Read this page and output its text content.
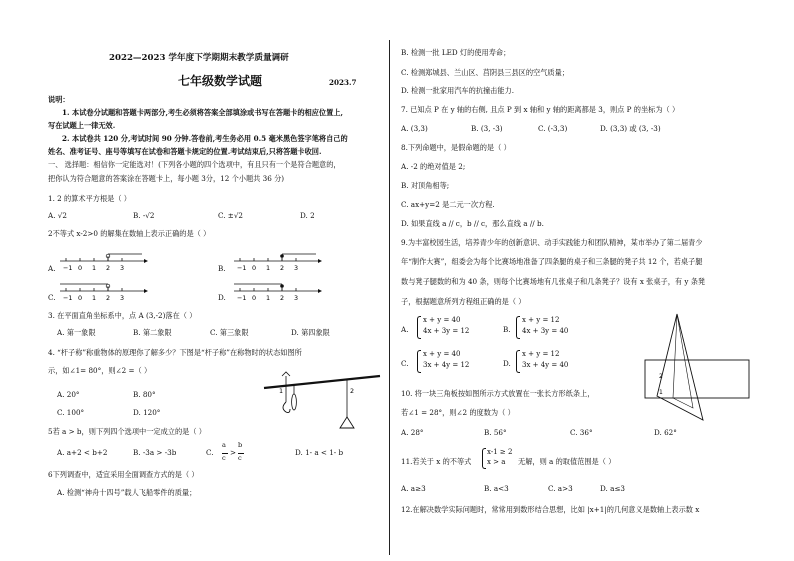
2022—2023 学年度下学期期末教学质量调研
七年级数学试题	2023.7
说明：
1. 本试卷分试题和答题卡两部分,考生必须将答案全部填涂或书写在答题卡的相应位置上,
写在试题上一律无效.
2. 本试卷共 120 分,考试时间 90 分钟.答卷前,考生务必用 0.5 毫米黑色签字笔将自己的
姓名、准考证号、座号等填写在试卷和答题卡规定的位置.考试结束后,只将答题卡收回.
一、 选择题：相信你一定能选对！(下列各小题的四个选项中，有且只有一个是符合题意的，
把你认为符合题意的答案涂在答题卡上，每小题 3分，12 个小题共 36 分)
1. 2 的算术平方根是（ ）
A. √2	B. -√2	C. ±√2	D. 2
2不等式 x-2>0 的解集在数轴上表示正确的是（ ）
A.	B.
C.	D.
−1 0 1 2 3	−1 0 1 2 3
−1 0 1 2 3	−1 0 1 2 3
3. 在平面直角坐标系中，点 A (3,-2)落在（ ）
A. 第一象限	B. 第二象限	C. 第三象限	D. 第四象限
4. “杆子称”称重物体的原理你了解多少？下图是“杆子称”在称物时的状态如图所
示，如∠1= 80°，则∠2 =（ ）
A. 20°	B. 80°
C. 100°	D. 120°
1	2
5若 a > b，则下列四个选项中一定成立的是（ ）
A. a+2 < b+2	B. -3a > -3b	C.
a
c
>
b
c
D. 1- a < 1- b
6下列调查中，适宜采用全面调查方式的是（ ）
A. 检测“神舟十四号”载人飞船零件的质量；
B. 检测一批 LED 灯的使用寿命；
C. 检测郑城县、兰山区、莒阴县三县区的空气质量；
D. 检测一批家用汽车的抗撞击能力.
7. 已知点 P 在 y 轴的右侧, 且点 P 到 x 轴和 y 轴的距离都是 3，则点 P 的坐标为（ ）
A. (3,3)	B. (3, -3)	C. (-3,3)	D. (3,3) 或 (3, -3)
8.下列命题中，是假命题的是（ ）
A. -2 的绝对值是 2;
B. 对顶角相等;
C. ax+y=2 是二元一次方程.
D. 如果直线 a // c，b // c，那么直线 a // b.
9.为丰富校园生活，培养青少年的创新意识、动手实践能力和团队精神，某市举办了第二届青少
年“制作大赛”，组委会为每个比赛场地准备了四条腿的桌子和三条腿的凳子共 12 个，若桌子腿
数与凳子腿数的和为 40 条，则每个比赛场地有几张桌子和几条凳子？设有 x 张桌子，有 y 条凳
子，根据题意所列方程组正确的是（ ）
A.
x + y = 40
4x + 3y = 12	B.
x + y = 12
4x + 3y = 40
C.
x + y = 40
3x + 4y = 12	D.
x + y = 12
3x + 4y = 40
2
1
10. 将一块三角板按如图所示方式放置在一张长方形纸条上，
若∠1 = 28°，则∠2 的度数为（ ）
A. 28°	B. 56°	C. 36°	D. 62°
11.若关于 x 的不等式
x-1 ≥ 2
x > a 无解，则 a 的取值范围是（ ）
A. a≥3	B. a<3	C. a>3	D. a≤3
12.在解决数学实际问题时，常常用到数形结合思想，比如 |x+1|的几何意义是数轴上表示数 x
